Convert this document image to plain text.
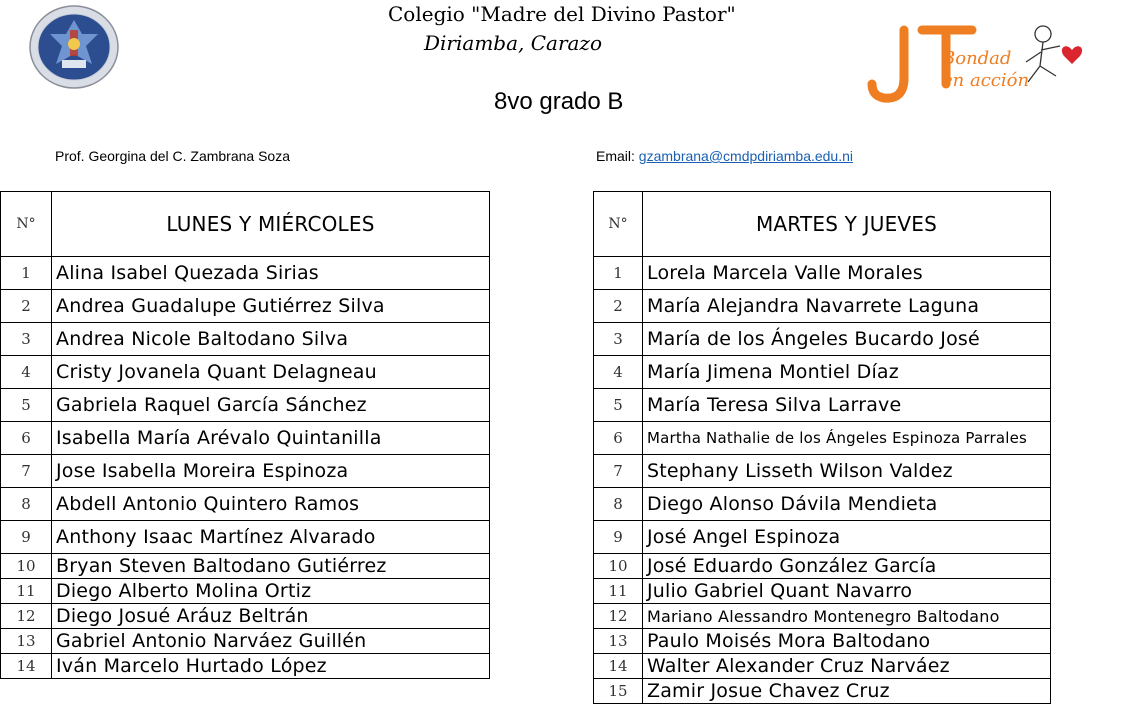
Colegio "Madre del Divino Pastor"
Diriamba, Carazo
8vo grado B
Bondad
en acción
Prof. Georgina del C. Zambrana Soza	Email: gzambrana@cmdpdiriamba.edu.ni
N°	LUNES Y MIÉRCOLES
1	Alina Isabel Quezada Sirias
2	Andrea Guadalupe Gutiérrez Silva
3	Andrea Nicole Baltodano Silva
4	Cristy Jovanela Quant Delagneau
5	Gabriela Raquel García Sánchez
6	Isabella María Arévalo Quintanilla
7	Jose Isabella Moreira Espinoza
8	Abdell Antonio Quintero Ramos
9	Anthony Isaac Martínez Alvarado
10	Bryan Steven Baltodano Gutiérrez
11	Diego Alberto Molina Ortiz
12	Diego Josué Aráuz Beltrán
13	Gabriel Antonio Narváez Guillén
14	Iván Marcelo Hurtado López
N°	MARTES Y JUEVES
1	Lorela Marcela Valle Morales
2	María Alejandra Navarrete Laguna
3	María de los Ángeles Bucardo José
4	María Jimena Montiel Díaz
5	María Teresa Silva Larrave
6	Martha Nathalie de los Ángeles Espinoza Parrales
7	Stephany Lisseth Wilson Valdez
8	Diego Alonso Dávila Mendieta
9	José Angel Espinoza
10	José Eduardo González García
11	Julio Gabriel Quant Navarro
12	Mariano Alessandro Montenegro Baltodano
13	Paulo Moisés Mora Baltodano
14	Walter Alexander Cruz Narváez
15	Zamir Josue Chavez Cruz
